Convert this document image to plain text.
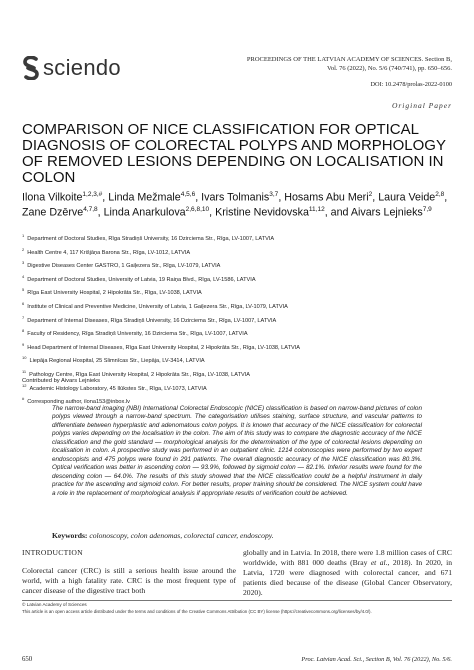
sciendo	PROCEEDINGS OF THE LATVIAN ACADEMY OF SCIENCES. Section B,
Vol. 76 (2022), No. 5/6 (740/741), pp. 650–656.
DOI: 10.2478/prolas-2022-0100
Original Paper
COMPARISON OF NICE CLASSIFICATION FOR OPTICAL DIAGNOSIS OF COLORECTAL POLYPS AND MORPHOLOGY OF REMOVED LESIONS DEPENDING ON LOCALISATION IN COLON
Ilona Vilkoite$^{1,2,3,\#}$, Linda Mežmale$^{4,5,6}$, Ivars Tolmanis$^{3,7}$, Hosams Abu Meri$^2$, Laura Veide$^{2,8}$, Zane Dzērve$^{4,7,8}$, Linda Anarkulova$^{2,6,8,10}$, Kristine Nevidovska$^{11,12}$, and Aivars Lejnieks$^{7,9}$
$^1$Department of Doctoral Studies, Rīga Stradiņš University, 16 Dzirciema Str., Rīga, LV-1007, LATVIA
$^2$Health Centre 4, 117 Krišjāņa Barona Str., Rīga, LV-1012, LATVIA
$^3$Digestive Diseases Center GASTRO, 1 Gaiļezera Str., Rīga, LV-1079, LATVIA
$^4$Department of Doctoral Studies, University of Latvia, 19 Raiņa Blvd., Rīga, LV-1586, LATVIA
$^5$Rīga East University Hospital, 2 Hipokrāta Str., Rīga, LV-1038, LATVIA
$^6$Institute of Clinical and Preventive Medicine, University of Latvia, 1 Gaiļezera Str., Rīga, LV-1079, LATVIA
$^7$Department of Internal Diseases, Rīga Stradiņš University, 16 Dzirciema Str., Rīga, LV-1007, LATVIA
$^8$Faculty of Residency, Rīga Stradiņš University, 16 Dzirciema Str., Rīga, LV-1007, LATVIA
$^9$Head Department of Internal Diseases, Rīga East University Hospital, 2 Hipokrāta Str., Rīga, LV-1038, LATVIA
$^{10}$Liepāja Regional Hospital, 25 Slimnīcas Str., Liepāja, LV-3414, LATVIA
$^{11}$Pathology Centre, Rīga East University Hospital, 2 Hipokrāta Str., Rīga, LV-1038, LATVIA
$^{12}$Academic Histology Laboratory, 45 Ilūkstes Str., Rīga, LV-1073, LATVIA
#Corresponding author, ilona153@inbox.lv
Contributed by Aivars Lejnieks

The narrow-band imaging (NBI) International Colorectal Endoscopic (NICE) classification is based on narrow-band pictures of colon polyps viewed through a narrow-band spectrum. The categorisation utilises staining, surface structure, and vascular patterns to differentiate between hyperplastic and adenomatous colon polyps. It is known that accuracy of the NICE classification for colorectal polyps varies depending on the localisation in the colon. The aim of this study was to compare the diagnostic accuracy of the NICE classification and the gold standard — morphological analysis for the determination of the type of colorectal lesions depending on localisation in colon. A prospective study was performed in an outpatient clinic. 1214 colonoscopies were performed by two expert endoscopists and 475 polyps were found in 291 patients. The overall diagnostic accuracy of the NICE classification was 80.3%. Optical verification was better in ascending colon — 93.9%, followed by sigmoid colon — 82.1%. Inferior results were found for the descending colon — 64.0%. The results of this study showed that the NICE classification could be a helpful instrument in daily practice for the ascending and sigmoid colon. For better results, proper training should be considered. The NICE system could have a role in the replacement of morphological analysis if appropriate results of verification could be achieved.

Keywords: colonoscopy, colon adenomas, colorectal cancer, endoscopy.
INTRODUCTION

Colorectal cancer (CRC) is still a serious health issue around the world, with a high fatality rate. CRC is the most frequent type of cancer disease of the digestive tract both

globally and in Latvia. In 2018, there were 1.8 million cases of CRC worldwide, with 881 000 deaths (Bray et al., 2018). In 2020, in Latvia, 1720 were diagnosed with colorectal cancer, and 671 patients died because of the disease (Global Cancer Observatory, 2020).

© Latvian Academy of Sciences
This article is an open access article distributed under the terms and conditions of the Creative Commons Attribution (CC BY) license (https://creativecommons.org/licenses/by/4.0/).
650	Proc. Latvian Acad. Sci., Section B, Vol. 76 (2022), No. 5/6.
